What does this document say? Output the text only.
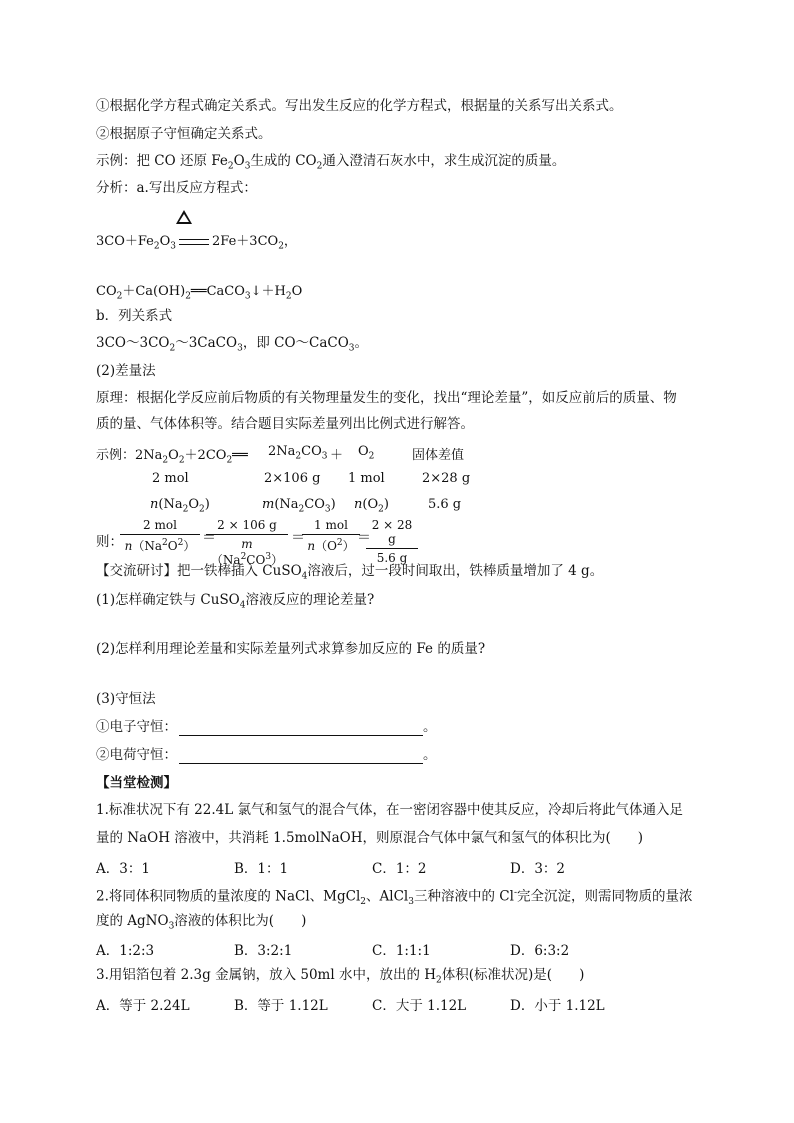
①根据化学方程式确定关系式。写出发生反应的化学方程式，根据量的关系写出关系式。
②根据原子守恒确定关系式。
示例：把 CO 还原 $Fe_2O_3$生成的 $CO_2$通入澄清石灰水中，求生成沉淀的质量。
分析：a.写出反应方程式：
$3CO+Fe_2O_3$	$2Fe+3CO_2$，
$CO_2+Ca(OH)_2══CaCO_3↓+H_2O$
b．列关系式
$3CO\sim 3CO_2\sim 3CaCO_3$，即 CO～CaCO$_3$。
(2)差量法
原理：根据化学反应前后物质的有关物理量发生的变化，找出“理论差量”，如反应前后的质量、物
质的量、气体体积等。结合题目实际差量列出比例式进行解答。
示例：$2Na_2O_2+2CO_2══$ $2Na_2CO_3 + O_2$	固体差值
2 mol	2×106 g 1 mol	2×28 g
$n(Na_2O_2)$	$m(Na_2CO_3)$ $n(O_2)$	5.6 g
则：
2 mol
$n(Na^2O^2)$ ＝
$\frac{2 \times 106 g}{m(Na^2CO^3)}$ ＝
1 mol
$n(O^2)$ ＝
$\frac{2 \times 28 g}{5.6 g}$
【交流研讨】把一铁棒插入 CuSO$_4$溶液后，过一段时间取出，铁棒质量增加了 4 g。
(1)怎样确定铁与 CuSO$_4$溶液反应的理论差量?
(2)怎样利用理论差量和实际差量列式求算参加反应的 Fe 的质量?
(3)守恒法
①电子守恒：	。
②电荷守恒：	。
【当堂检测】
1.标准状况下有 22.4L 氯气和氢气的混合气体，在一密闭容器中使其反应，冷却后将此气体通入足
量的 NaOH 溶液中，共消耗 1.5molNaOH，则原混合气体中氯气和氢气的体积比为(　　)
A．3：1	B．1：1	C．1：2	D．3：2
2.将同体积同物质的量浓度的 NaCl、MgCl$_2$、AlCl$_3$三种溶液中的 Cl-完全沉淀，则需同物质的量浓
度的 AgNO$_3$溶液的体积比为(　　)
A．1:2:3	B．3:2:1	C．1:1:1	D．6:3:2
3.用铝箔包着 2.3g 金属钠，放入 50ml 水中，放出的 $H_2$体积(标准状况)是(　　)
A．等于 2.24L	B．等于 1.12L	C．大于 1.12L	D．小于 1.12L
